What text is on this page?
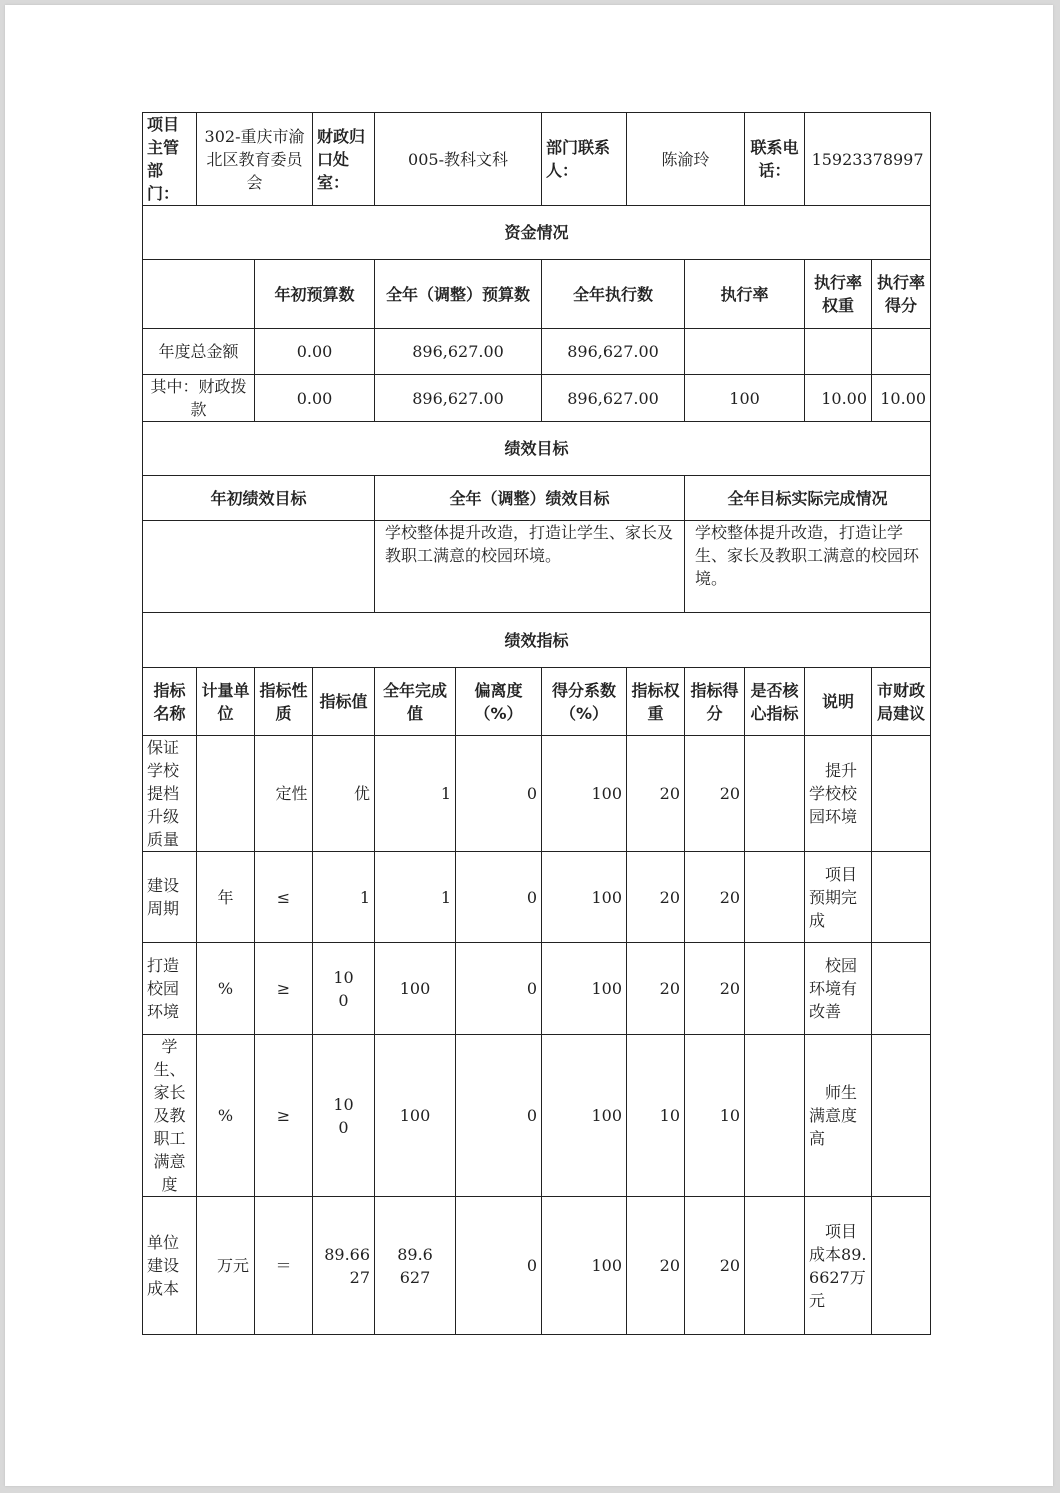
项目主管部门：	302-重庆市渝北区教育委员会		财政归口处室：	005-教科文科		部门联系人：	陈渝玲		联系电话：	15923378997	
资金情况											
		年初预算数		全年（调整）预算数		全年执行数		执行率		执行率权重	执行率得分
年度总金额		0.00		896,627.00		896,627.00					
其中：财政拨款		0.00		896,627.00		896,627.00		100		10.00	10.00
绩效目标											
年初绩效目标				全年（调整）绩效目标				全年目标实际完成情况			
				学校整体提升改造，打造让学生、家长及教职工满意的校园环境。				学校整体提升改造，打造让学生、家长及教职工满意的校园环境。			
绩效指标											
指标名称	计量单位	指标性质	指标值	全年完成值	偏离度（%）	得分系数（%）	指标权重	指标得分	是否核心指标	说明	市财政局建议
保证学校提档升级质量		定性	优	1	0	100	20	20		提升学校校园环境	
建设周期	年	≤	1	1	0	100	20	20		项目预期完成	
打造校园环境	%	≥	100	100	0	100	20	20		校园环境有改善	
学生、家长及教职工满意度	%	≥	100	100	0	100	10	10		师生满意度高	
单位建设成本	万元	＝	89.6627	89.6627	0	100	20	20		项目成本89.6627万元	
